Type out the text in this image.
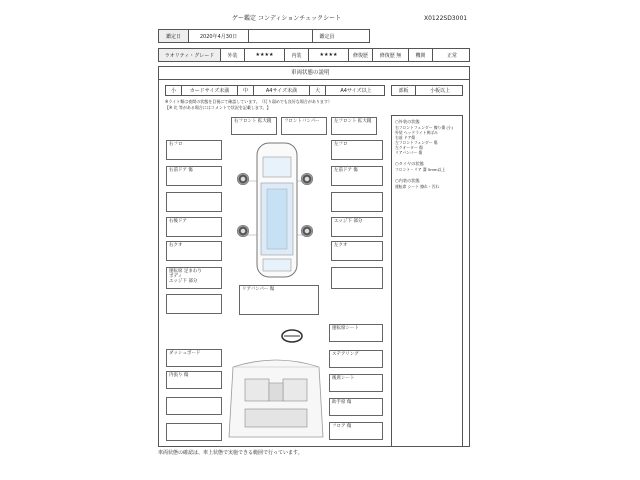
ゲー鑑定 コンディションチェックシート	X0122SD3001
鑑定日	2020年4月30日	鑑定員
ラオリティ・グレード	外装	★★★★	内装	★★★★	修復歴	修復歴 無	機関	正常
車両状態の説明
小	カードサイズ未満	中	A4サイズ未満	大	A4サイズ以上	部板	小板以上
※ライト類は夜間の状態を目視にて確認しています。（灯り弱めでも良好な場合があります）
【※ 比 等がある場合にはコメントで状況を記載します。】
右フロ
右前ドア 傷
右後ドア
右クオ
運転席 足まわり
ボディ
エッジ下 部分
ダッシュボード
内張り 傷
右フロント 拡大鏡	フロントバンパー	左フロント 拡大鏡
左フロ
左前ドア 傷
エッジ下 部分
左クオ
リアバンパー 傷
運転席シート
ステアリング
後席シート
助手席 傷
フロア 傷
○外装の状態
右フロントフェンダー 擦り傷 (小)
外装 ヘッドライト黄ばみ
右前 ドア傷
左フロントフェンダー 傷
左クオーター 傷
リアバンパー 傷
○タイヤの状態
フロント・リア 溝 5mm以上
○内装の状態
運転席 シート 擦れ・汚れ
車両状態の確認は、車上状態で実施できる範囲で行っています。
